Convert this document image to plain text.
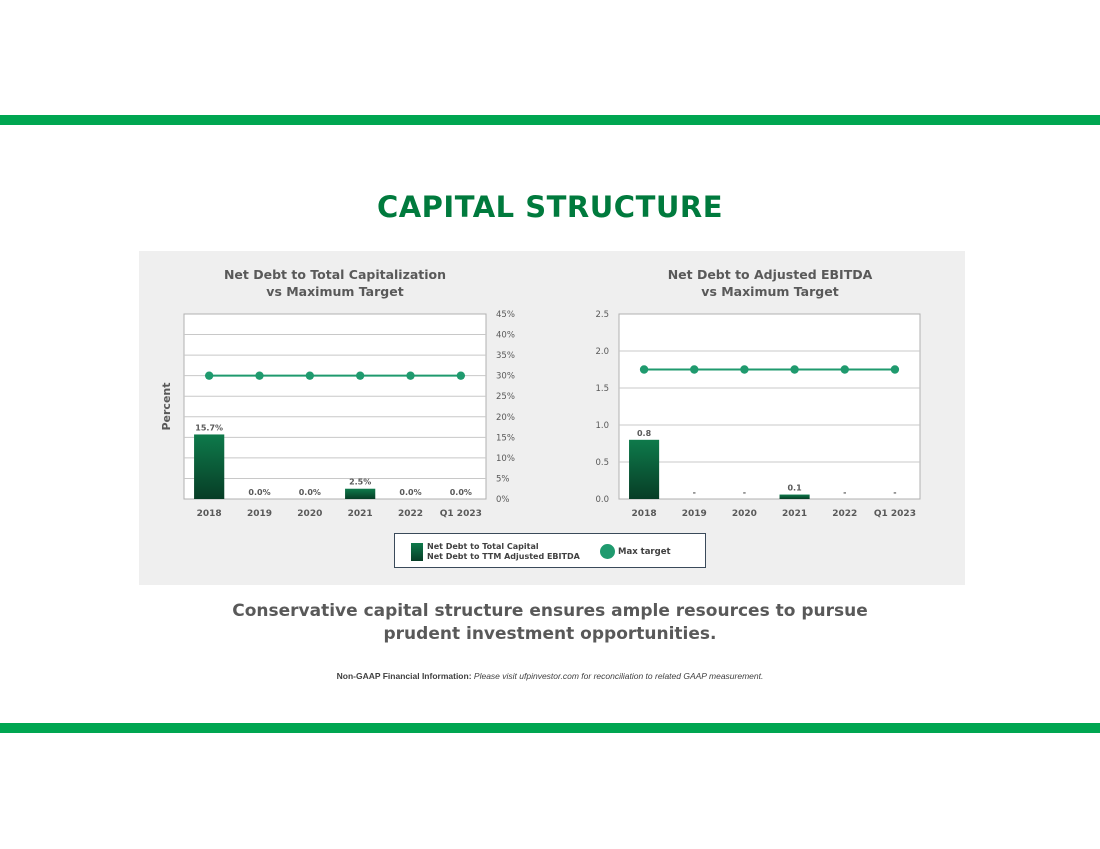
CAPITAL STRUCTURE
Net Debt to Total Capitalization
vs Maximum Target
Net Debt to Adjusted EBITDA
vs Maximum Target
0%
5%
10%
15%
20%
25%
30%
35%
40%
45%
Percent	15.7%
0.0%	0.0%
2.5%
0.0%	0.0%
2018	2019	2020	2021	2022 Q1 2023
0.0
0.5
1.0
1.5
2.0
2.5
0.8
-	-	0.1	-	-
2018	2019	2020	2021	2022 Q1 2023
Net Debt to Total Capital
Net Debt to TTM Adjusted EBITDA	Max target
Conservative capital structure ensures ample resources to pursue
prudent investment opportunities.
Non-GAAP Financial Information: Please visit ufpinvestor.com for reconciliation to related GAAP measurement.
